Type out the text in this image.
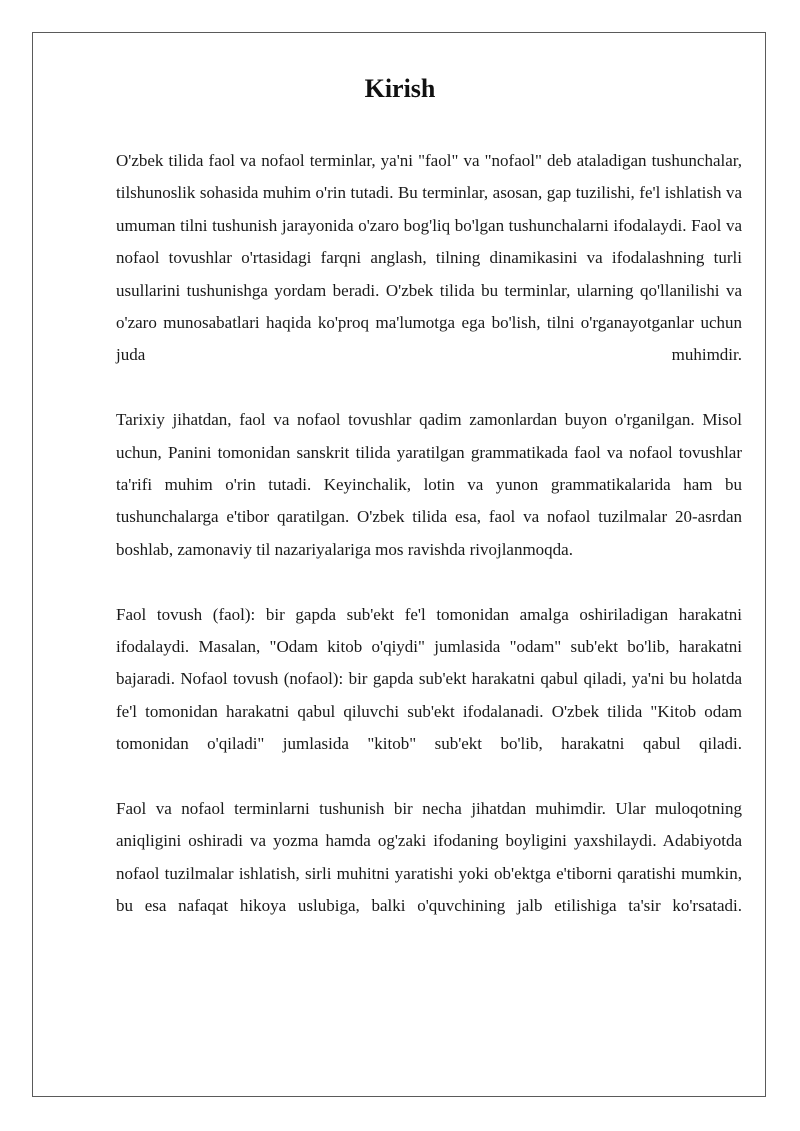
Kirish

O'zbek tilida faol va nofaol terminlar, ya'ni "faol" va "nofaol" deb ataladigan tushunchalar, tilshunoslik sohasida muhim o'rin tutadi. Bu terminlar, asosan, gap tuzilishi, fe'l ishlatish va umuman tilni tushunish jarayonida o'zaro bog'liq bo'lgan tushunchalarni ifodalaydi. Faol va nofaol tovushlar o'rtasidagi farqni anglash, tilning dinamikasini va ifodalashning turli usullarini tushunishga yordam beradi. O'zbek tilida bu terminlar, ularning qo'llanilishi va o'zaro munosabatlari haqida ko'proq ma'lumotga ega bo'lish, tilni o'rganayotganlar uchun juda muhimdir.

Tarixiy jihatdan, faol va nofaol tovushlar qadim zamonlardan buyon o'rganilgan. Misol uchun, Panini tomonidan sanskrit tilida yaratilgan grammatikada faol va nofaol tovushlar ta'rifi muhim o'rin tutadi. Keyinchalik, lotin va yunon grammatikalarida ham bu tushunchalarga e'tibor qaratilgan. O'zbek tilida esa, faol va nofaol tuzilmalar 20-asrdan boshlab, zamonaviy til nazariyalariga mos ravishda rivojlanmoqda.

Faol tovush (faol): bir gapda sub'ekt fe'l tomonidan amalga oshiriladigan harakatni ifodalaydi. Masalan, "Odam kitob o'qiydi" jumlasida "odam" sub'ekt bo'lib, harakatni bajaradi. Nofaol tovush (nofaol): bir gapda sub'ekt harakatni qabul qiladi, ya'ni bu holatda fe'l tomonidan harakatni qabul qiluvchi sub'ekt ifodalanadi. O'zbek tilida "Kitob odam tomonidan o'qiladi" jumlasida "kitob" sub'ekt bo'lib, harakatni qabul qiladi.

Faol va nofaol terminlarni tushunish bir necha jihatdan muhimdir. Ular muloqotning aniqligini oshiradi va yozma hamda og'zaki ifodaning boyligini yaxshilaydi. Adabiyotda nofaol tuzilmalar ishlatish, sirli muhitni yaratishi yoki ob'ektga e'tiborni qaratishi mumkin, bu esa nafaqat hikoya uslubiga, balki o'quvchining jalb etilishiga ta'sir ko'rsatadi.
